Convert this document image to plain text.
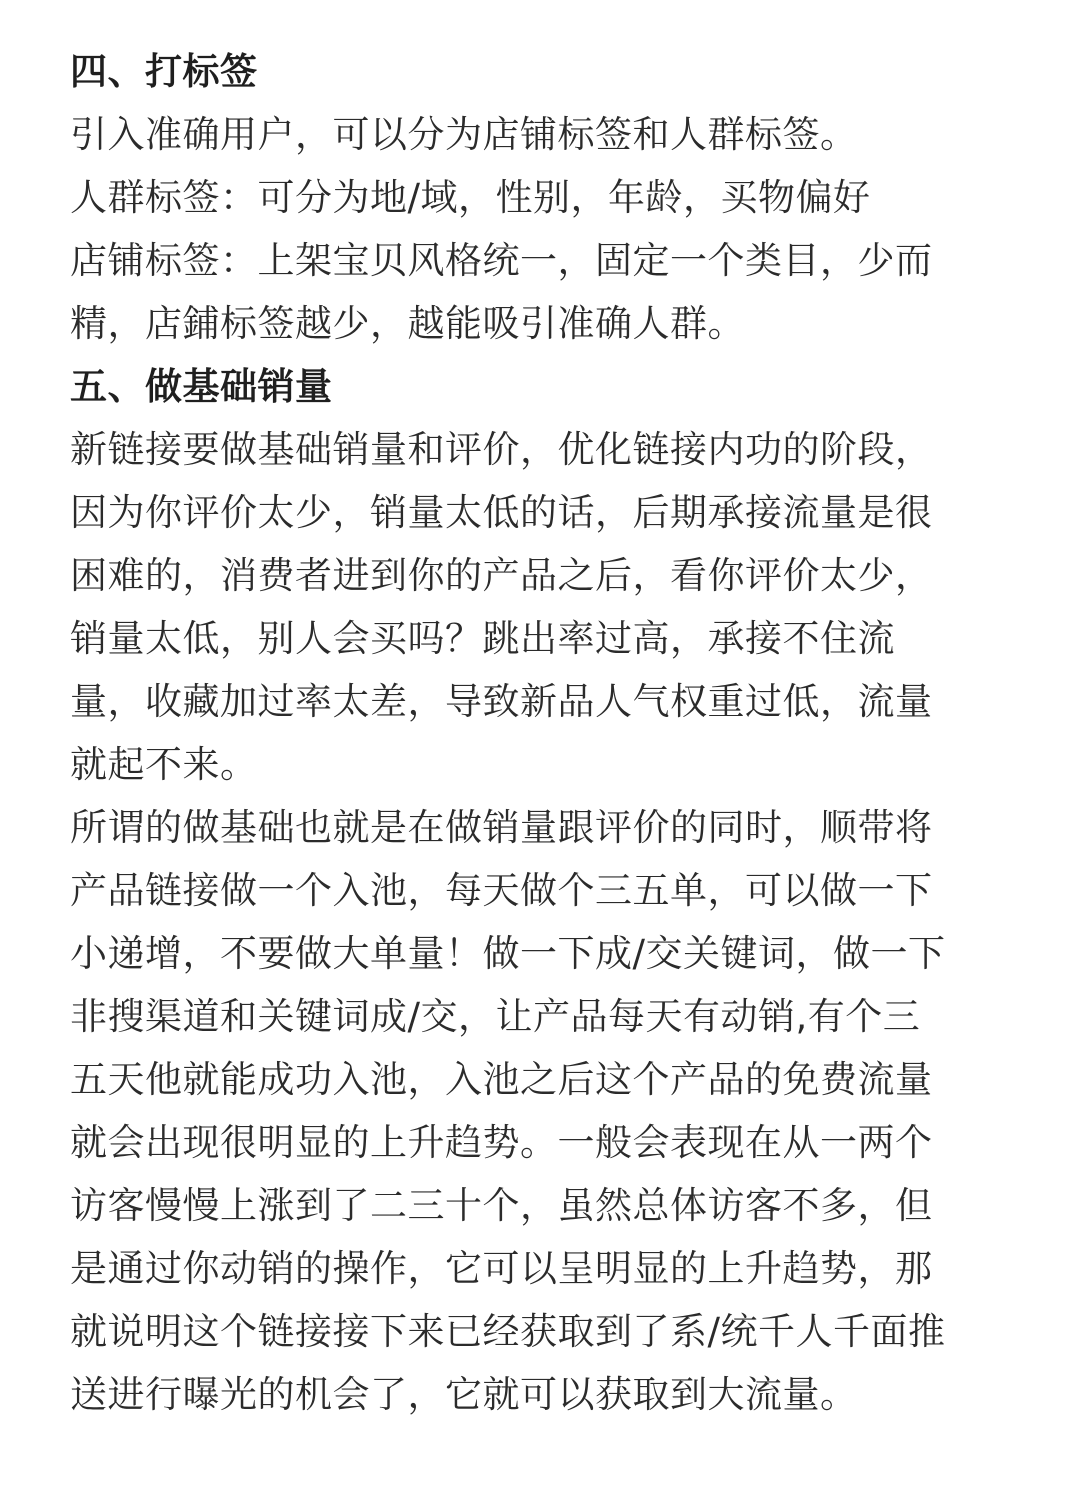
四、打标签
引入准确用户，可以分为店铺标签和人群标签。
人群标签：可分为地/域，性别，年龄，买物偏好
店铺标签：上架宝贝风格统一，固定一个类目，少而
精，店鋪标签越少，越能吸引准确人群。
五、做基础销量
新链接要做基础销量和评价，优化链接内功的阶段，
因为你评价太少，销量太低的话，后期承接流量是很
困难的，消费者进到你的产品之后，看你评价太少，
销量太低，别人会买吗？跳出率过高，承接不住流
量，收藏加过率太差，导致新品人气权重过低，流量
就起不来。
所谓的做基础也就是在做销量跟评价的同时，顺带将
产品链接做一个入池，每天做个三五单，可以做一下
小递增，不要做大单量！做一下成/交关键词，做一下
非搜渠道和关键词成/交，让产品每天有动销,有个三
五天他就能成功入池，入池之后这个产品的免费流量
就会出现很明显的上升趋势。一般会表现在从一两个
访客慢慢上涨到了二三十个，虽然总体访客不多，但
是通过你动销的操作，它可以呈明显的上升趋势，那
就说明这个链接接下来已经获取到了系/统千人千面推
送进行曝光的机会了，它就可以获取到大流量。
